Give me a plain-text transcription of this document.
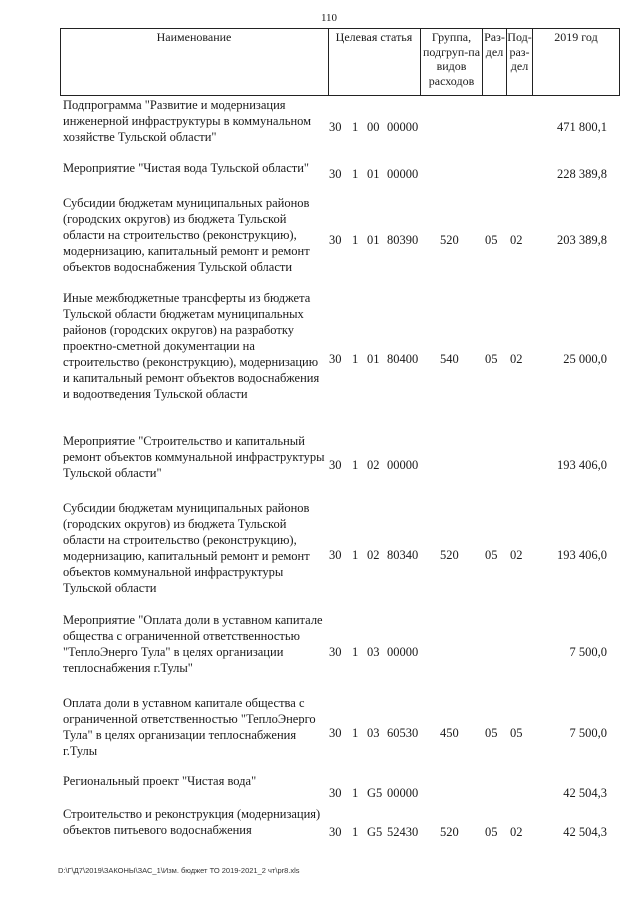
110
Наименование	Целевая статья	Группа, подгруп-па видов расходов
Раз-дел
Под-раз-дел
2019 год
Подпрограмма "Развитие и модернизация инженерной инфраструктуры в коммунальном хозяйстве Тульской области"
30 1 00 00000	471 800,1
Мероприятие "Чистая вода Тульской области"	30 1 01 00000	228 389,8
Субсидии бюджетам муниципальных районов (городских округов) из бюджета Тульской области на строительство (реконструкцию), модернизацию, капитальный ремонт и ремонт объектов водоснабжения Тульской области
30 1 01 80390 520 05 02	203 389,8
Иные межбюджетные трансферты из бюджета Тульской области бюджетам муниципальных районов (городских округов) на разработку проектно-сметной документации на строительство (реконструкцию), модернизацию и капитальный ремонт объектов водоснабжения и водоотведения Тульской области
30 1 01 80400 540 05 02	25 000,0
Мероприятие "Строительство и капитальный ремонт объектов коммунальной инфраструктуры Тульской области"
30 1 02 00000	193 406,0
Субсидии бюджетам муниципальных районов (городских округов) из бюджета Тульской области на строительство (реконструкцию), модернизацию, капитальный ремонт и ремонт объектов коммунальной инфраструктуры Тульской области
30 1 02 80340 520 05 02	193 406,0
Мероприятие "Оплата доли в уставном капитале общества с ограниченной ответственностью "ТеплоЭнерго Тула" в целях организации теплоснабжения г.Тулы"
30 1 03 00000	7 500,0
Оплата доли в уставном капитале общества с ограниченной ответственностью "ТеплоЭнерго Тула" в целях организации теплоснабжения г.Тулы
30 1 03 60530 450 05 05	7 500,0
Региональный проект "Чистая вода"
30 1 G5 00000	42 504,3
Строительство и реконструкция (модернизация) объектов питьевого водоснабжения	30 1 G5 52430 520 05 02	42 504,3
D:\Г\Д7\2019\ЗАКОНЫ\ЗАС_1\Изм. бюджет ТО 2019-2021_2 чт\pr8.xls
